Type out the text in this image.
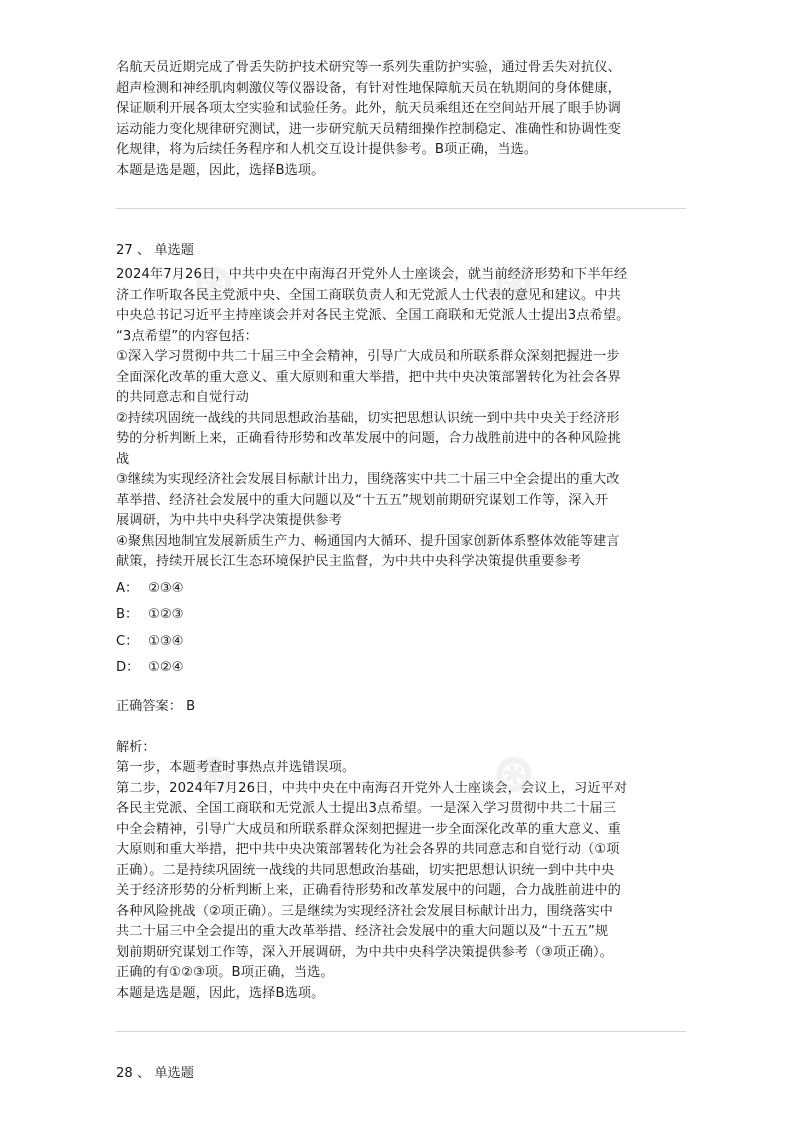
⊛	⊛
⊛	⊛

名航天员近期完成了骨丢失防护技术研究等一系列失重防护实验，通过骨丢失对抗仪、

超声检测和神经肌肉刺激仪等仪器设备，有针对性地保障航天员在轨期间的身体健康，

保证顺利开展各项太空实验和试验任务。此外，航天员乘组还在空间站开展了眼手协调

运动能力变化规律研究测试，进一步研究航天员精细操作控制稳定、准确性和协调性变

化规律，将为后续任务程序和人机交互设计提供参考。B项正确，当选。

本题是选是题，因此，选择B选项。

27 、 单选题

2024年7月26日，中共中央在中南海召开党外人士座谈会，就当前经济形势和下半年经

济工作听取各民主党派中央、全国工商联负责人和无党派人士代表的意见和建议。中共

中央总书记习近平主持座谈会并对各民主党派、全国工商联和无党派人士提出3点希望。

“3点希望”的内容包括：

①深入学习贯彻中共二十届三中全会精神，引导广大成员和所联系群众深刻把握进一步

全面深化改革的重大意义、重大原则和重大举措，把中共中央决策部署转化为社会各界

的共同意志和自觉行动

②持续巩固统一战线的共同思想政治基础，切实把思想认识统一到中共中央关于经济形

势的分析判断上来，正确看待形势和改革发展中的问题，合力战胜前进中的各种风险挑

战

③继续为实现经济社会发展目标献计出力，围绕落实中共二十届三中全会提出的重大改

革举措、经济社会发展中的重大问题以及“十五五”规划前期研究谋划工作等，深入开

展调研，为中共中央科学决策提供参考

④聚焦因地制宜发展新质生产力、畅通国内大循环、提升国家创新体系整体效能等建言

献策，持续开展长江生态环境保护民主监督，为中共中央科学决策提供重要参考

A： ②③④

B： ①②③

C： ①③④

D： ①②④

正确答案： B

解析：

第一步，本题考查时事热点并选错误项。

第二步，2024年7月26日，中共中央在中南海召开党外人士座谈会，会议上，习近平对

各民主党派、全国工商联和无党派人士提出3点希望。一是深入学习贯彻中共二十届三

中全会精神，引导广大成员和所联系群众深刻把握进一步全面深化改革的重大意义、重

大原则和重大举措，把中共中央决策部署转化为社会各界的共同意志和自觉行动（①项

正确）。二是持续巩固统一战线的共同思想政治基础，切实把思想认识统一到中共中央

关于经济形势的分析判断上来，正确看待形势和改革发展中的问题，合力战胜前进中的

各种风险挑战（②项正确）。三是继续为实现经济社会发展目标献计出力，围绕落实中

共二十届三中全会提出的重大改革举措、经济社会发展中的重大问题以及“十五五”规

划前期研究谋划工作等，深入开展调研，为中共中央科学决策提供参考（③项正确）。

正确的有①②③项。B项正确，当选。

本题是选是题，因此，选择B选项。

28 、 单选题
